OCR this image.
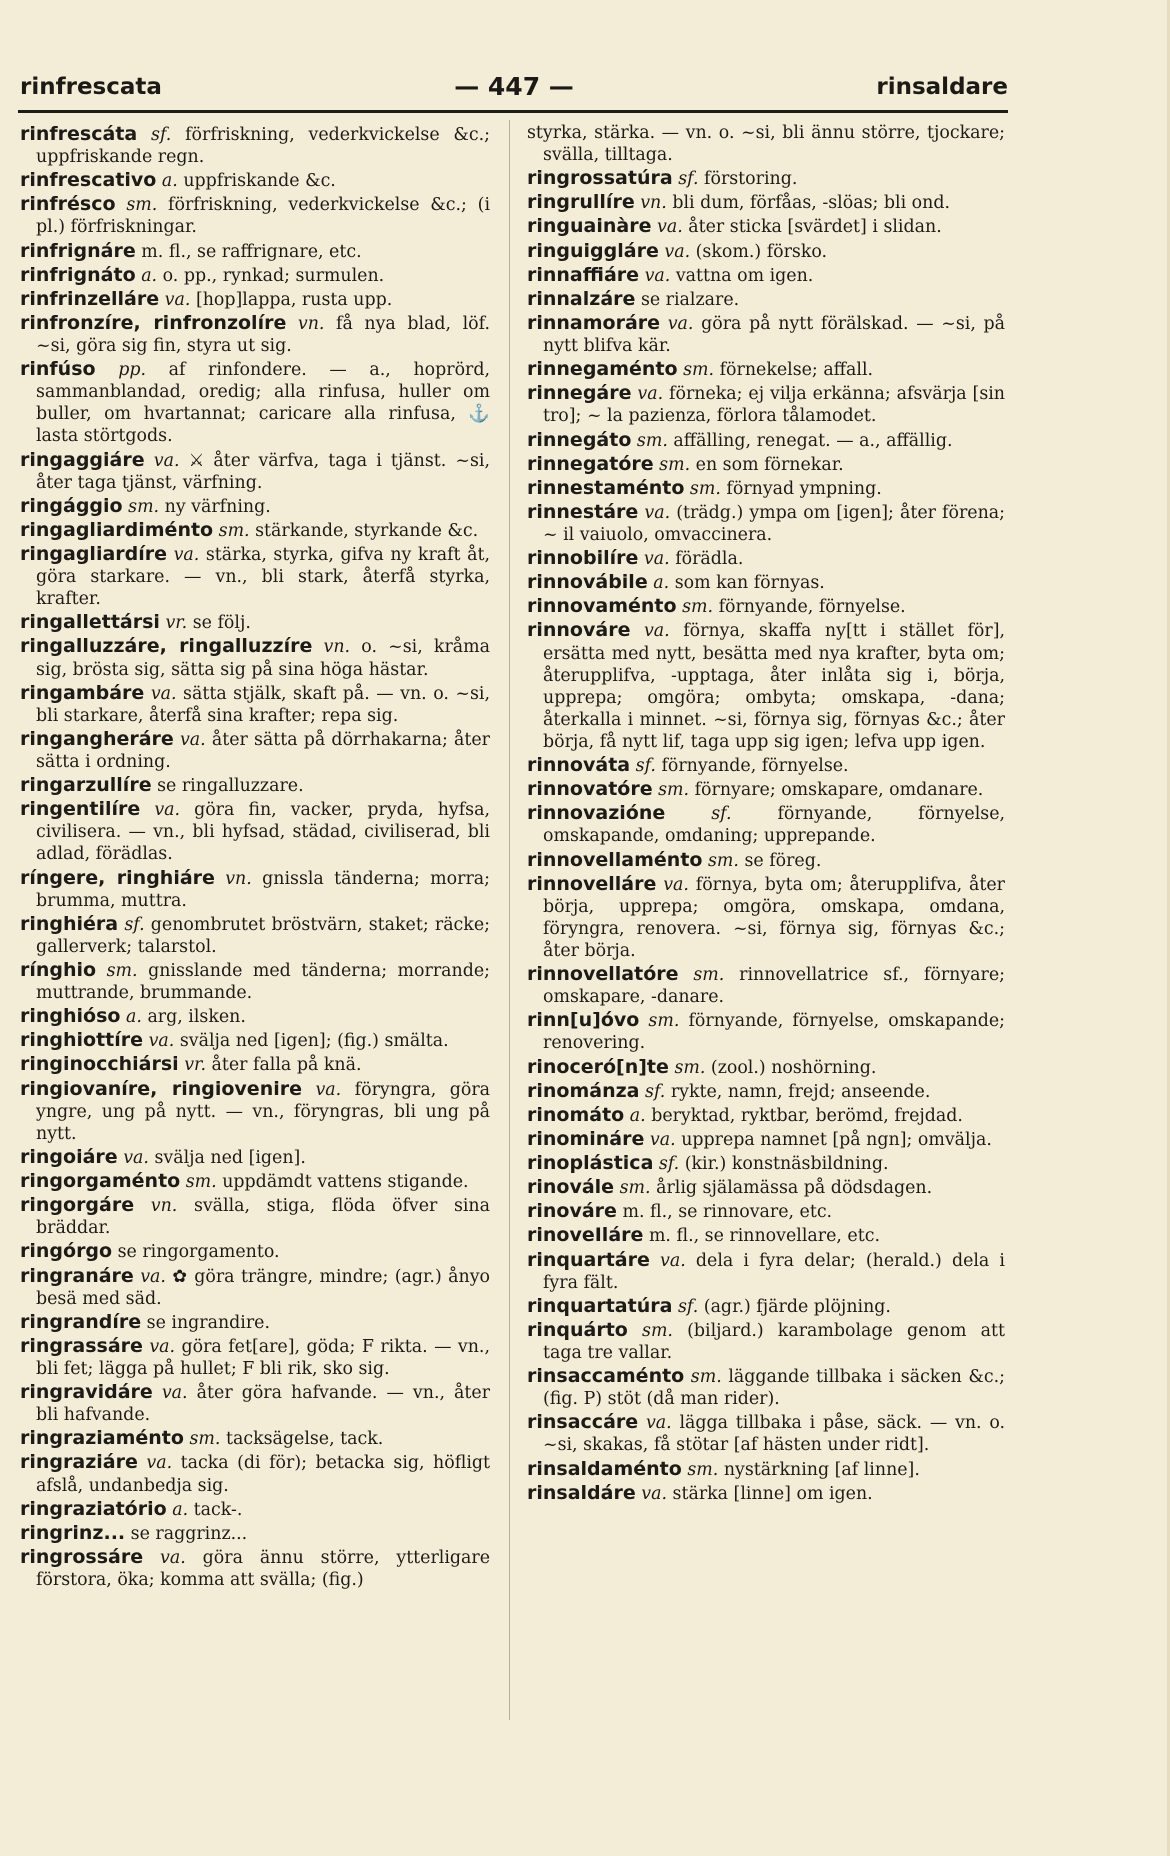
rinfrescata	— 447 —	rinsaldare

rinfrescáta sf. förfriskning, vederkvickelse &c.; uppfriskande regn.

rinfrescativo a. uppfriskande &c.

rinfrésco sm. förfriskning, vederkvickelse &c.; (i pl.) förfriskningar.

rinfrignáre m. fl., se raffrignare, etc.

rinfrignáto a. o. pp., rynkad; surmulen.

rinfrinzelláre va. [hop]lappa, rusta upp.

rinfronzíre, rinfronzolíre vn. få nya blad, löf. ~si, göra sig fin, styra ut sig.

rinfúso pp. af rinfondere. — a., hoprörd, sammanblandad, oredig; alla rinfusa, huller om buller, om hvartannat; caricare alla rinfusa, ⚓ lasta störtgods.

ringaggiáre va. ⚔ åter värfva, taga i tjänst. ~si, åter taga tjänst, värfning.

ringággio sm. ny värfning.

ringagliardiménto sm. stärkande, styrkande &c.

ringagliardíre va. stärka, styrka, gifva ny kraft åt, göra starkare. — vn., bli stark, återfå styrka, krafter.

ringallettársi vr. se följ.

ringalluzzáre, ringalluzzíre vn. o. ~si, kråma sig, brösta sig, sätta sig på sina höga hästar.

ringambáre va. sätta stjälk, skaft på. — vn. o. ~si, bli starkare, återfå sina krafter; repa sig.

ringangheráre va. åter sätta på dörrhakarna; åter sätta i ordning.

ringarzullíre se ringalluzzare.

ringentilíre va. göra fin, vacker, pryda, hyfsa, civilisera. — vn., bli hyfsad, städad, civiliserad, bli adlad, förädlas.

ríngere, ringhiáre vn. gnissla tänderna; morra; brumma, muttra.

ringhiéra sf. genombrutet bröstvärn, staket; räcke; gallerverk; talarstol.

rínghio sm. gnisslande med tänderna; morrande; muttrande, brummande.

ringhióso a. arg, ilsken.

ringhiottíre va. svälja ned [igen]; (fig.) smälta.

ringinocchiársi vr. åter falla på knä.

ringiovaníre, ringiovenire va. föryngra, göra yngre, ung på nytt. — vn., föryngras, bli ung på nytt.

ringoiáre va. svälja ned [igen].

ringorgaménto sm. uppdämdt vattens stigande.

ringorgáre vn. svälla, stiga, flöda öfver sina bräddar.

ringórgo se ringorgamento.

ringranáre va. ✿ göra trängre, mindre; (agr.) ånyo besä med säd.

ringrandíre se ingrandire.

ringrassáre va. göra fet[are], göda; F rikta. — vn., bli fet; lägga på hullet; F bli rik, sko sig.

ringravidáre va. åter göra hafvande. — vn., åter bli hafvande.

ringraziaménto sm. tacksägelse, tack.

ringraziáre va. tacka (di för); betacka sig, höfligt afslå, undanbedja sig.

ringraziatório a. tack-.

ringrinz... se raggrinz...

ringrossáre va. göra ännu större, ytterligare förstora, öka; komma att svälla; (fig.)

styrka, stärka. — vn. o. ~si, bli ännu större, tjockare; svälla, tilltaga.

ringrossatúra sf. förstoring.

ringrullíre vn. bli dum, förfåas, -slöas; bli ond.

ringuainàre va. åter sticka [svärdet] i slidan.

ringuiggláre va. (skom.) försko.

rinnaffiáre va. vattna om igen.

rinnalzáre se rialzare.

rinnamoráre va. göra på nytt förälskad. — ~si, på nytt blifva kär.

rinnegaménto sm. förnekelse; affall.

rinnegáre va. förneka; ej vilja erkänna; afsvärja [sin tro]; ~ la pazienza, förlora tålamodet.

rinnegáto sm. affälling, renegat. — a., affällig.

rinnegatóre sm. en som förnekar.

rinnestaménto sm. förnyad ympning.

rinnestáre va. (trädg.) ympa om [igen]; åter förena; ~ il vaiuolo, omvaccinera.

rinnobilíre va. förädla.

rinnovábile a. som kan förnyas.

rinnovaménto sm. förnyande, förnyelse.

rinnováre va. förnya, skaffa ny[tt i stället för], ersätta med nytt, besätta med nya krafter, byta om; återupplifva, -upptaga, åter inlåta sig i, börja, upprepa; omgöra; ombyta; omskapa, -dana; återkalla i minnet. ~si, förnya sig, förnyas &c.; åter börja, få nytt lif, taga upp sig igen; lefva upp igen.

rinnováta sf. förnyande, förnyelse.

rinnovatóre sm. förnyare; omskapare, omdanare.

rinnovazióne	sf.	förnyande, förnyelse, omskapande, omdaning; upprepande.

rinnovellaménto sm. se föreg.

rinnovelláre va. förnya, byta om; återupplifva, åter börja, upprepa; omgöra, omskapa, omdana, föryngra, renovera. ~si, förnya sig, förnyas &c.; åter börja.

rinnovellatóre sm. rinnovellatrice sf., förnyare; omskapare, -danare.

rinn[u]óvo sm. förnyande, förnyelse, omskapande; renovering.

rinoceró[n]te sm. (zool.) noshörning.

rinománza sf. rykte, namn, frejd; anseende.

rinomáto a. beryktad, ryktbar, berömd, frejdad.

rinomináre va. upprepa namnet [på ngn]; omvälja.

rinoplástica sf. (kir.) konstnäsbildning.

rinovále sm. årlig själamässa på dödsdagen.

rinováre m. fl., se rinnovare, etc.

rinoveIláre m. fl., se rinnovellare, etc.

rinquartáre va. dela i fyra delar; (herald.) dela i fyra fält.

rinquartatúra sf. (agr.) fjärde plöjning.

rinquárto sm. (biljard.) karambolage genom att taga tre vallar.

rinsaccaménto sm. läggande tillbaka i säcken &c.; (fig. P) stöt (då man rider).

rinsaccáre va. lägga tillbaka i påse, säck. — vn. o. ~si, skakas, få stötar [af hästen under ridt].

rinsaldaménto sm. nystärkning [af linne].

rinsaldáre va. stärka [linne] om igen.
